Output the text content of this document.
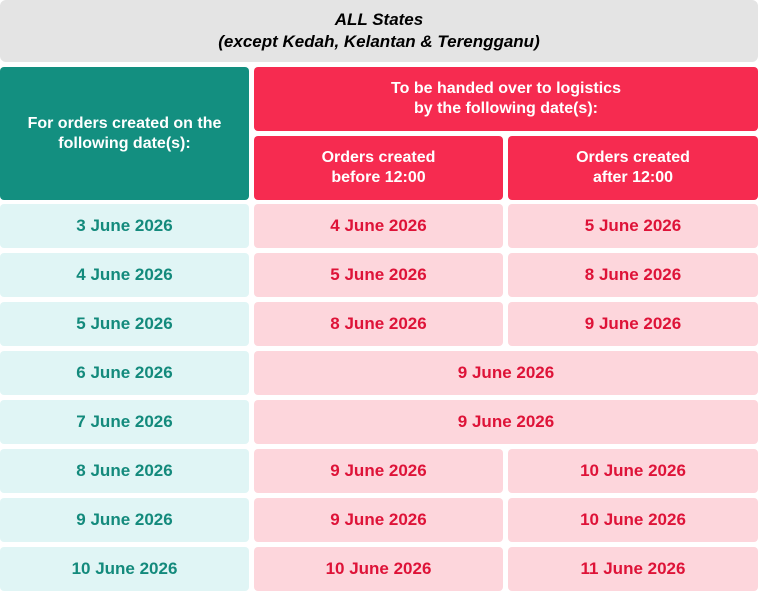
ALL States
(except Kedah, Kelantan & Terengganu)
For orders created on the
following date(s):
To be handed over to logistics
by the following date(s):
Orders created
before 12:00
Orders created
after 12:00
3 June 2026	4 June 2026	5 June 2026
4 June 2026	5 June 2026	8 June 2026
5 June 2026	8 June 2026	9 June 2026
6 June 2026	9 June 2026
7 June 2026	9 June 2026
8 June 2026	9 June 2026	10 June 2026
9 June 2026	9 June 2026	10 June 2026
10 June 2026	10 June 2026	11 June 2026
